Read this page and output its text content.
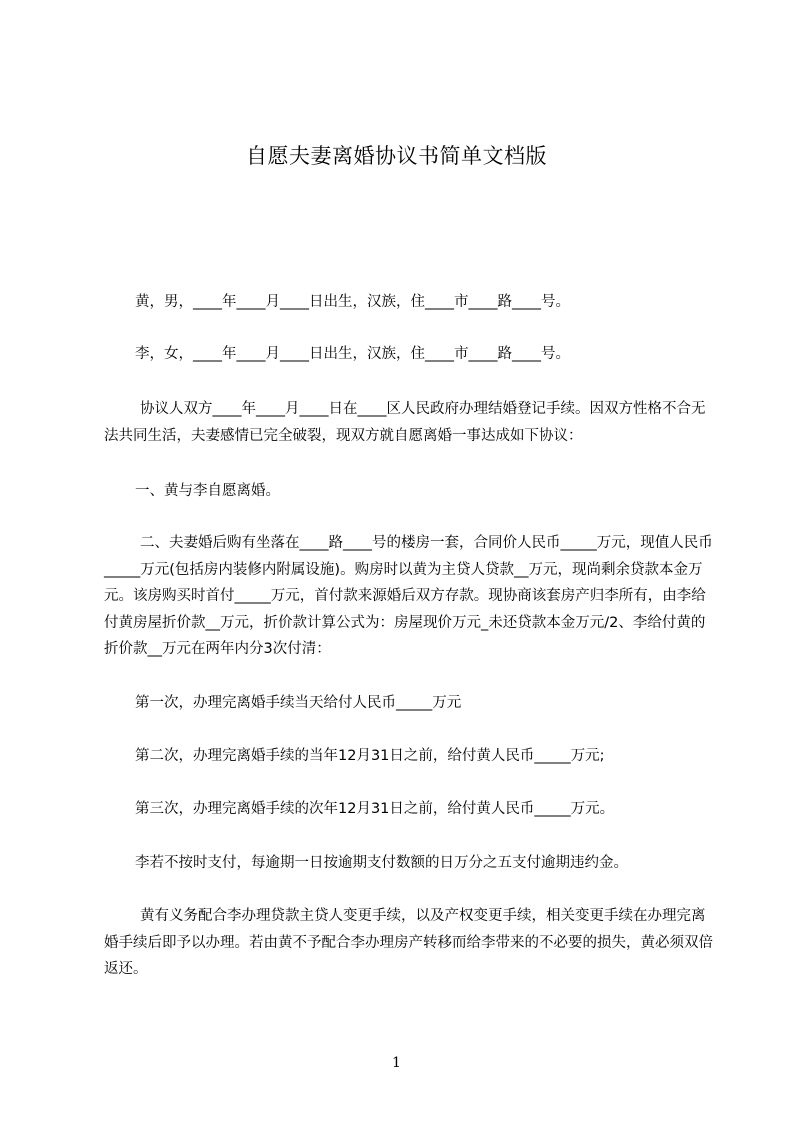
自愿夫妻离婚协议书简单文档版

黄，男，____年____月____日出生，汉族，住____市____路____号。

李，女，____年____月____日出生，汉族，住____市____路____号。

协议人双方____年____月____日在____区人民政府办理结婚登记手续。因双方性格不合无法共同生活，夫妻感情已完全破裂，现双方就自愿离婚一事达成如下协议：

一、黄与李自愿离婚。

二、夫妻婚后购有坐落在____路____号的楼房一套，合同价人民币_____万元，现值人民币_____万元(包括房内装修内附属设施)。购房时以黄为主贷人贷款__万元，现尚剩余贷款本金万元。该房购买时首付_____万元，首付款来源婚后双方存款。现协商该套房产归李所有，由李给付黄房屋折价款__万元，折价款计算公式为：房屋现价万元_未还贷款本金万元/2、李给付黄的折价款__万元在两年内分3次付清：

第一次，办理完离婚手续当天给付人民币_____万元

第二次，办理完离婚手续的当年12月31日之前，给付黄人民币_____万元;

第三次，办理完离婚手续的次年12月31日之前，给付黄人民币_____万元。

李若不按时支付，每逾期一日按逾期支付数额的日万分之五支付逾期违约金。

黄有义务配合李办理贷款主贷人变更手续，以及产权变更手续，相关变更手续在办理完离婚手续后即予以办理。若由黄不予配合李办理房产转移而给李带来的不必要的损失，黄必须双倍返还。

1
